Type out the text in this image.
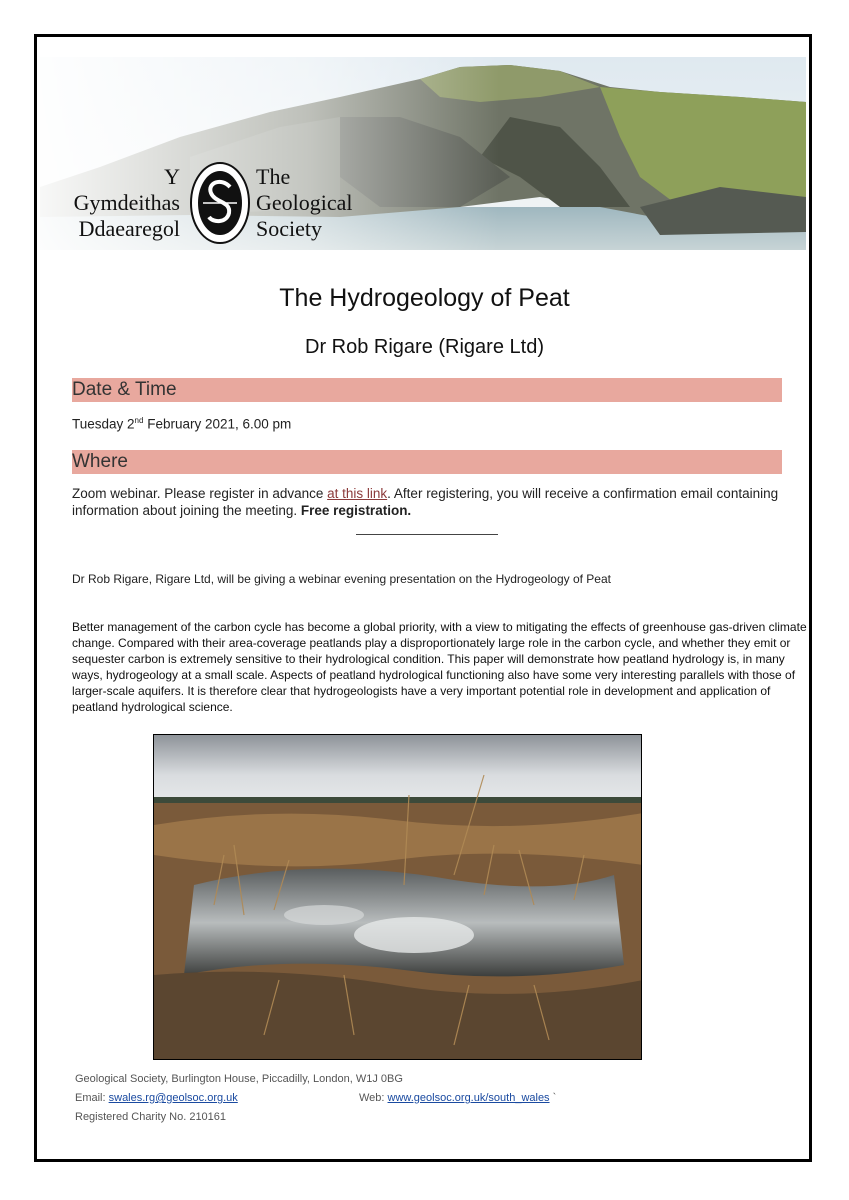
Y
Gymdeithas
Ddaearegol
The
Geological
Society
The Hydrogeology of Peat
Dr Rob Rigare (Rigare Ltd)
Date & Time
Tuesday 2nd February 2021, 6.00 pm
Where
Zoom webinar. Please register in advance at this link. After registering, you will receive a confirmation email containing
information about joining the meeting. Free registration.
Dr Rob Rigare, Rigare Ltd, will be giving a webinar evening presentation on the Hydrogeology of Peat
Better management of the carbon cycle has become a global priority, with a view to mitigating the effects of greenhouse gas-driven climate change. Compared with their area-coverage peatlands play a disproportionately large role in the carbon cycle, and whether they emit or sequester carbon is extremely sensitive to their hydrological condition. This paper will demonstrate how peatland hydrology is, in many ways, hydrogeology at a small scale. Aspects of peatland hydrological functioning also have some very interesting parallels with those of larger-scale aquifers. It is therefore clear that hydrogeologists have a very important potential role in development and application of peatland hydrological science.
Geological Society, Burlington House, Piccadilly, London, W1J 0BG
Email: swales.rg@geolsoc.org.uk	Web: www.geolsoc.org.uk/south_wales `
Registered Charity No. 210161
